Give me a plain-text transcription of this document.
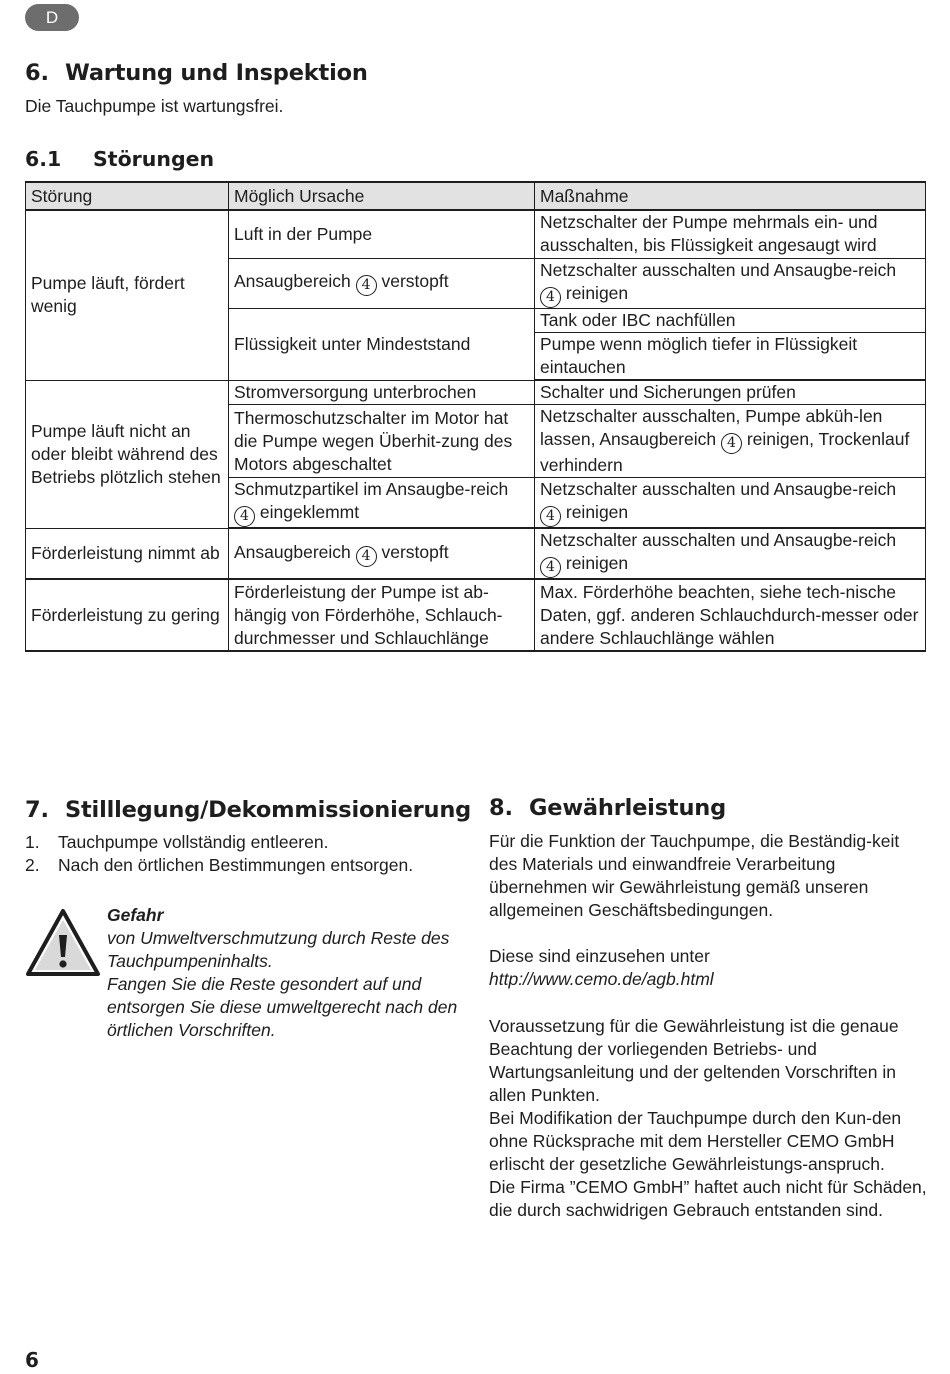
D
6. Wartung und Inspektion

Die Tauchpumpe ist wartungsfrei.

6.1 Störungen
Störung	Möglich Ursache	Maßnahme
Pumpe läuft, fördert wenig	Luft in der Pumpe	Netzschalter der Pumpe mehrmals ein- und ausschalten, bis Flüssigkeit angesaugt wird
	Ansaugbereich 4 verstopft	Netzschalter ausschalten und Ansaugbe-reich 4 reinigen
	Flüssigkeit unter Mindeststand	Tank oder IBC nachfüllen
		Pumpe wenn möglich tiefer in Flüssigkeit eintauchen
Pumpe läuft nicht an oder bleibt während des Betriebs plötzlich stehen	Stromversorgung unterbrochen	Schalter und Sicherungen prüfen
	Thermoschutzschalter im Motor hat die Pumpe wegen Überhit-zung des Motors abgeschaltet	Netzschalter ausschalten, Pumpe abküh-len lassen, Ansaugbereich 4 reinigen, Trockenlauf verhindern
	Schmutzpartikel im Ansaugbe-reich 4 eingeklemmt	Netzschalter ausschalten und Ansaugbe-reich 4 reinigen
Förderleistung nimmt ab	Ansaugbereich 4 verstopft	Netzschalter ausschalten und Ansaugbe-reich 4 reinigen
Förderleistung zu gering	Förderleistung der Pumpe ist ab-hängig von Förderhöhe, Schlauch-durchmesser und Schlauchlänge	Max. Förderhöhe beachten, siehe tech-nische Daten, ggf. anderen Schlauchdurch-messer oder andere Schlauchlänge wählen
7. Stilllegung/Dekommissionierung
1.	Tauchpumpe vollständig entleeren.
2.	Nach den örtlichen Bestimmungen entsorgen.

Gefahr
von Umweltverschmutzung durch Reste des Tauchpumpeninhalts.
Fangen Sie die Reste gesondert auf und entsorgen Sie diese umweltgerecht nach den örtlichen Vorschriften.

8. Gewährleistung

Für die Funktion der Tauchpumpe, die Beständig-keit des Materials und einwandfreie Verarbeitung übernehmen wir Gewährleistung gemäß unseren allgemeinen Geschäftsbedingungen.

Diese sind einzusehen unter
http://www.cemo.de/agb.html

Voraussetzung für die Gewährleistung ist die genaue Beachtung der vorliegenden Betriebs- und Wartungsanleitung und der geltenden Vorschriften in allen Punkten.
Bei Modifikation der Tauchpumpe durch den Kun-den ohne Rücksprache mit dem Hersteller CEMO GmbH erlischt der gesetzliche Gewährleistungs-anspruch.
Die Firma ”CEMO GmbH” haftet auch nicht für Schäden, die durch sachwidrigen Gebrauch entstanden sind.

6
